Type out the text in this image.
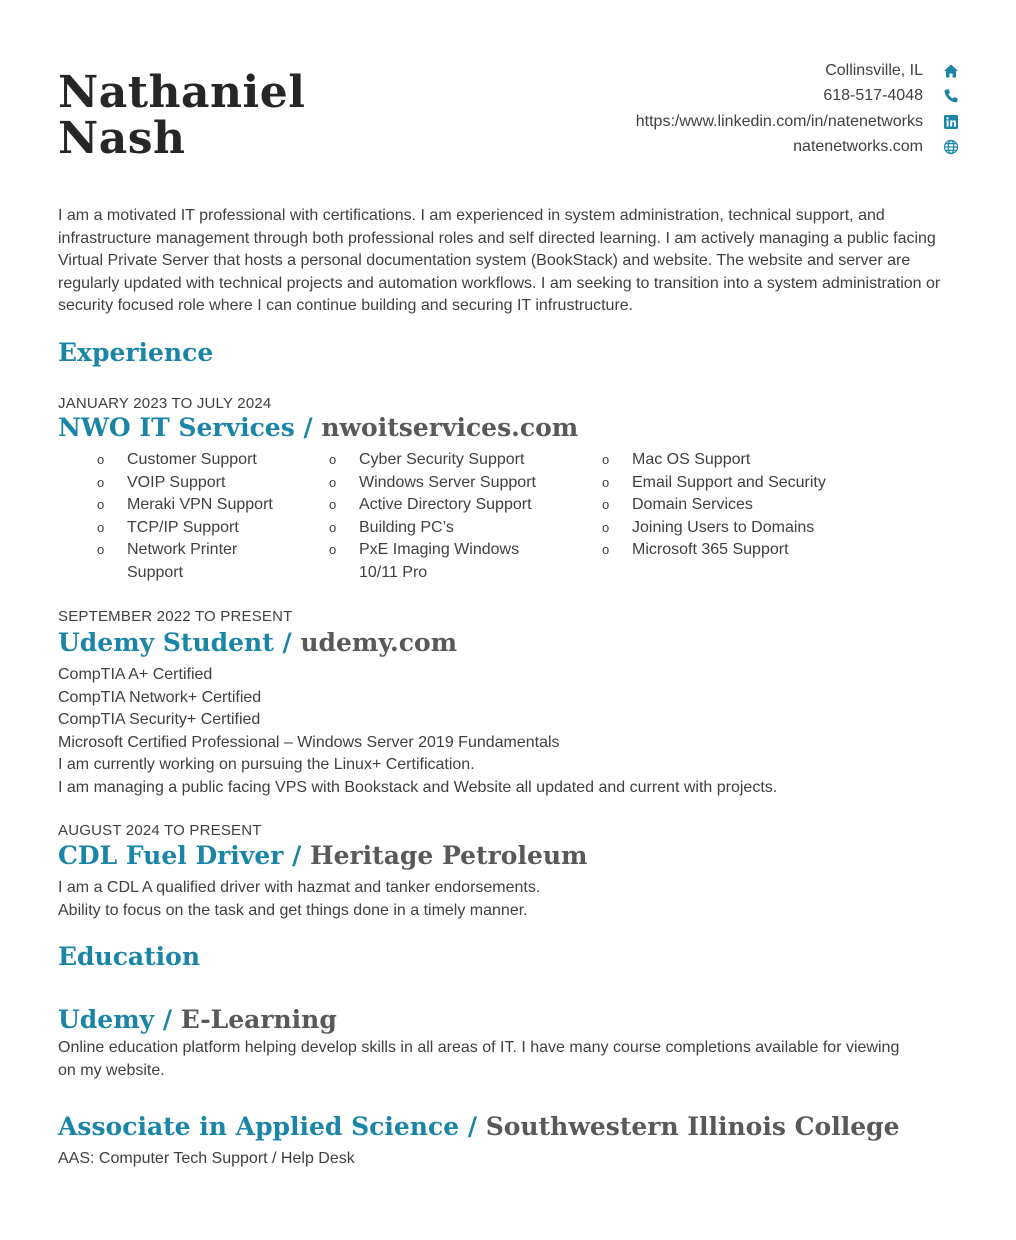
Nathaniel
Nash
Collinsville, IL
618-517-4048
https:/www.linkedin.com/in/natenetworks
natenetworks.com
I am a motivated IT professional with certifications. I am experienced in system administration, technical support, and infrastructure management through both professional roles and self directed learning. I am actively managing a public facing Virtual Private Server that hosts a personal documentation system (BookStack) and website. The website and server are regularly updated with technical projects and automation workflows. I am seeking to transition into a system administration or security focused role where I can continue building and securing IT infrustructure.
Experience
JANUARY 2023 TO JULY 2024
NWO IT Services / nwoitservices.com
o Customer Support
o VOIP Support
o Meraki VPN Support
o TCP/IP Support
o Network Printer Support
o Cyber Security Support
o Windows Server Support
o Active Directory Support
o Building PC’s
o PxE Imaging Windows 10/11 Pro
o Mac OS Support
o Email Support and Security
o Domain Services
o Joining Users to Domains
o Microsoft 365 Support
SEPTEMBER 2022 TO PRESENT
Udemy Student / udemy.com
CompTIA A+ Certified
CompTIA Network+ Certified
CompTIA Security+ Certified
Microsoft Certified Professional – Windows Server 2019 Fundamentals
I am currently working on pursuing the Linux+ Certification.
I am managing a public facing VPS with Bookstack and Website all updated and current with projects.
AUGUST 2024 TO PRESENT
CDL Fuel Driver / Heritage Petroleum
I am a CDL A qualified driver with hazmat and tanker endorsements.
Ability to focus on the task and get things done in a timely manner.
Education
Udemy / E-Learning
Online education platform helping develop skills in all areas of IT. I have many course completions available for viewing
on my website.
Associate in Applied Science / Southwestern Illinois College
AAS: Computer Tech Support / Help Desk
